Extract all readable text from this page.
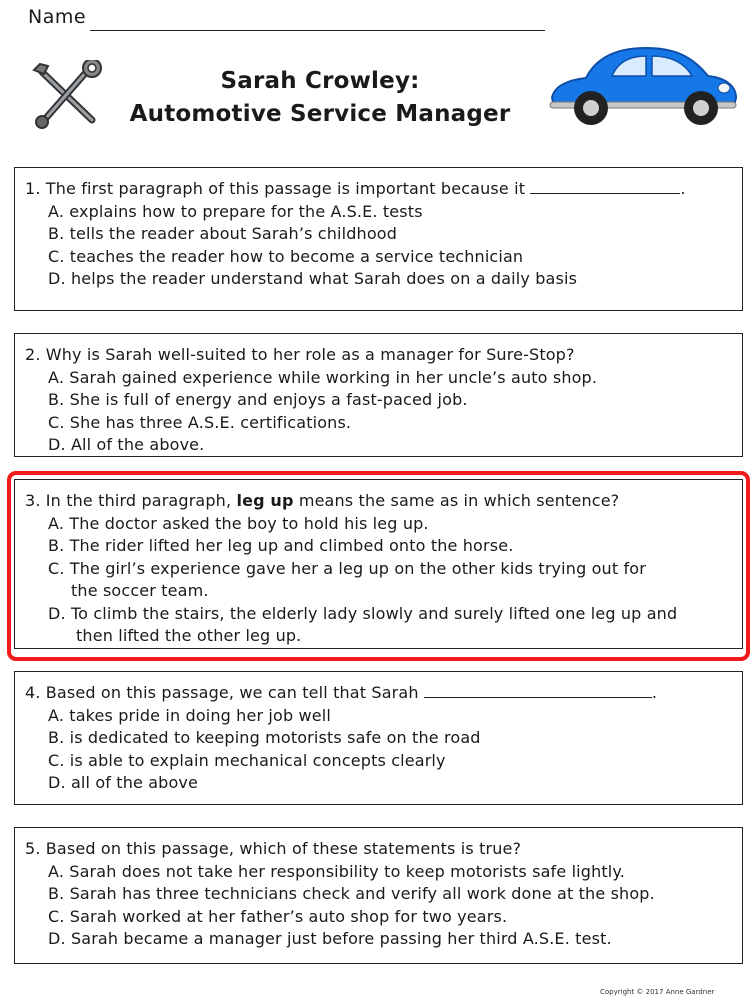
Name
Sarah Crowley:
Automotive Service Manager

1. The first paragraph of this passage is important because it	.

A. explains how to prepare for the A.S.E. tests

B. tells the reader about Sarah’s childhood

C. teaches the reader how to become a service technician

D. helps the reader understand what Sarah does on a daily basis

2. Why is Sarah well-suited to her role as a manager for Sure-Stop?

A. Sarah gained experience while working in her uncle’s auto shop.

B. She is full of energy and enjoys a fast-paced job.

C. She has three A.S.E. certifications.

D. All of the above.

3. In the third paragraph, leg up means the same as in which sentence?

A. The doctor asked the boy to hold his leg up.

B. The rider lifted her leg up and climbed onto the horse.

C. The girl’s experience gave her a leg up on the other kids trying out for

the soccer team.

D. To climb the stairs, the elderly lady slowly and surely lifted one leg up and

then lifted the other leg up.

4. Based on this passage, we can tell that Sarah	.

A. takes pride in doing her job well

B. is dedicated to keeping motorists safe on the road

C. is able to explain mechanical concepts clearly

D. all of the above

5. Based on this passage, which of these statements is true?

A. Sarah does not take her responsibility to keep motorists safe lightly.

B. Sarah has three technicians check and verify all work done at the shop.

C. Sarah worked at her father’s auto shop for two years.

D. Sarah became a manager just before passing her third A.S.E. test.

Copyright © 2017 Anne Gardner
